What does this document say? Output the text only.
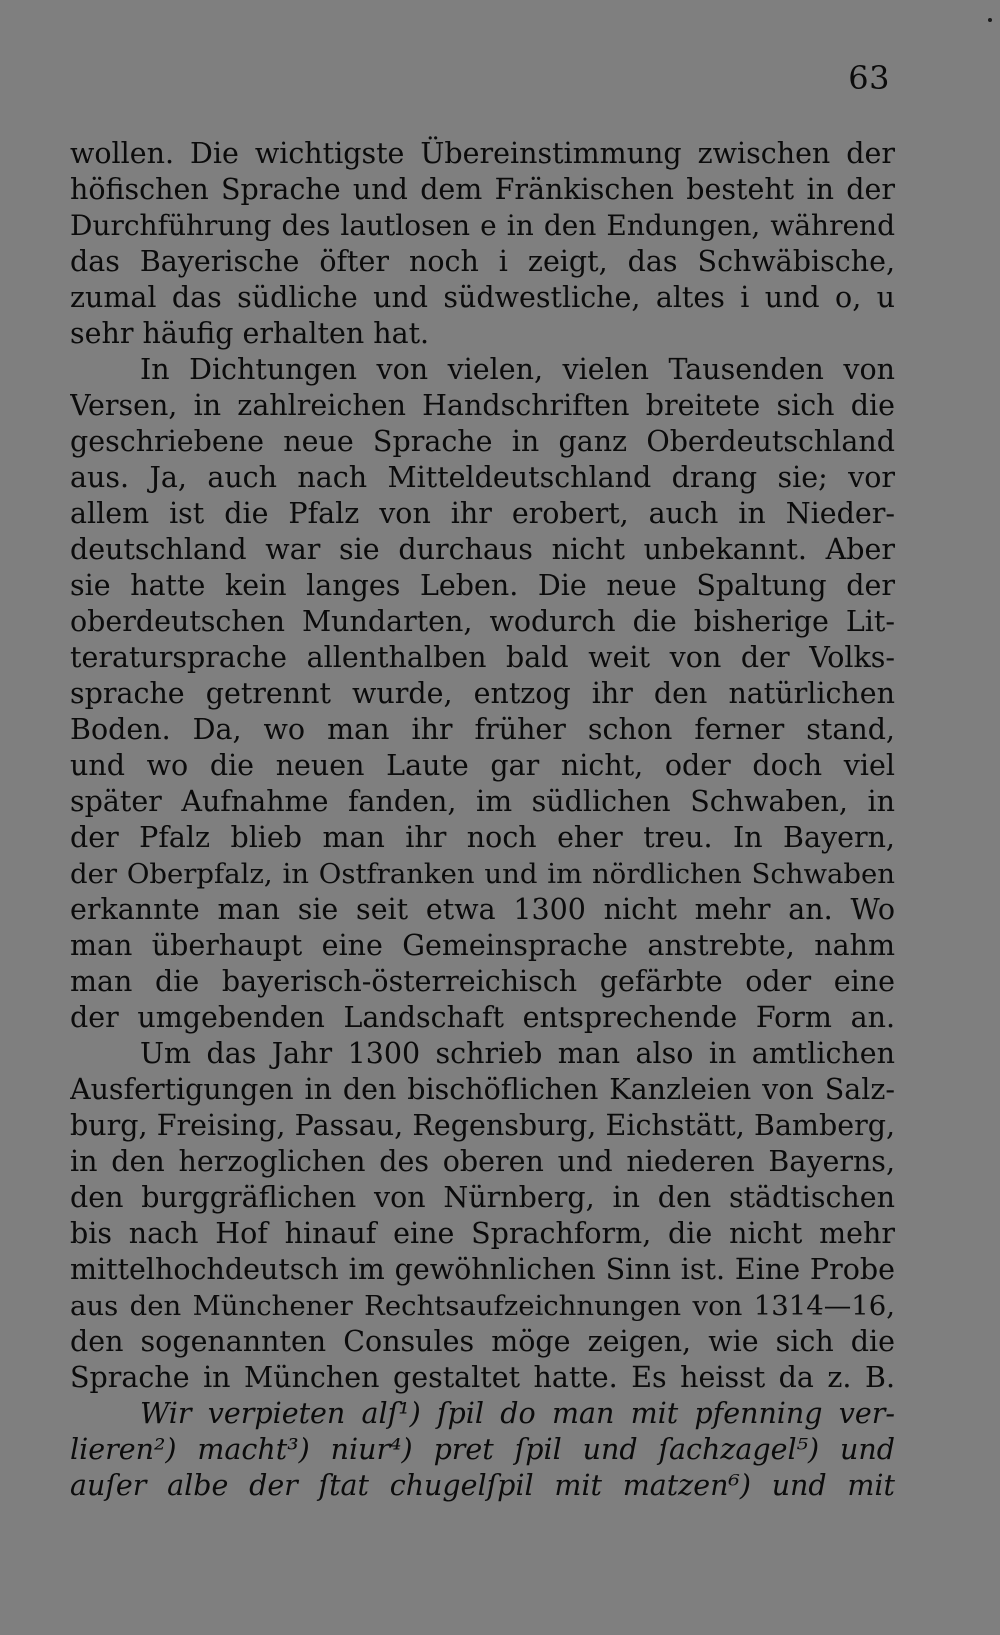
63
wollen. Die wichtigste Übereinstimmung zwischen der
höfischen Sprache und dem Fränkischen besteht in der
Durchführung des lautlosen e in den Endungen, während
das Bayerische öfter noch i zeigt, das Schwäbische,
zumal das südliche und südwestliche, altes i und o, u
sehr häufig erhalten hat.
In Dichtungen von vielen, vielen Tausenden von
Versen, in zahlreichen Handschriften breitete sich die
geschriebene neue Sprache in ganz Oberdeutschland
aus. Ja, auch nach Mitteldeutschland drang sie; vor
allem ist die Pfalz von ihr erobert, auch in Nieder-
deutschland war sie durchaus nicht unbekannt. Aber
sie hatte kein langes Leben. Die neue Spaltung der
oberdeutschen Mundarten, wodurch die bisherige Lit-
teratursprache allenthalben bald weit von der Volks-
sprache getrennt wurde, entzog ihr den natürlichen
Boden. Da, wo man ihr früher schon ferner stand,
und wo die neuen Laute gar nicht, oder doch viel
später Aufnahme fanden, im südlichen Schwaben, in
der Pfalz blieb man ihr noch eher treu. In Bayern,
der Oberpfalz, in Ostfranken und im nördlichen Schwaben
erkannte man sie seit etwa 1300 nicht mehr an. Wo
man überhaupt eine Gemeinsprache anstrebte, nahm
man die bayerisch-österreichisch gefärbte oder eine
der umgebenden Landschaft entsprechende Form an.
Um das Jahr 1300 schrieb man also in amtlichen
Ausfertigungen in den bischöflichen Kanzleien von Salz-
burg, Freising, Passau, Regensburg, Eichstätt, Bamberg,
in den herzoglichen des oberen und niederen Bayerns,
den burggräflichen von Nürnberg, in den städtischen
bis nach Hof hinauf eine Sprachform, die nicht mehr
mittelhochdeutsch im gewöhnlichen Sinn ist. Eine Probe
aus den Münchener Rechtsaufzeichnungen von 1314—16,
den sogenannten Consules möge zeigen, wie sich die
Sprache in München gestaltet hatte. Es heisst da z. B.
Wir verpieten alſ¹) ſpil do man mit pfenning ver-
lieren²) macht³) niur⁴) pret ſpil und ſachzagel⁵) und
auſer albe der ſtat chugelſpil mit matzen⁶) und mit
